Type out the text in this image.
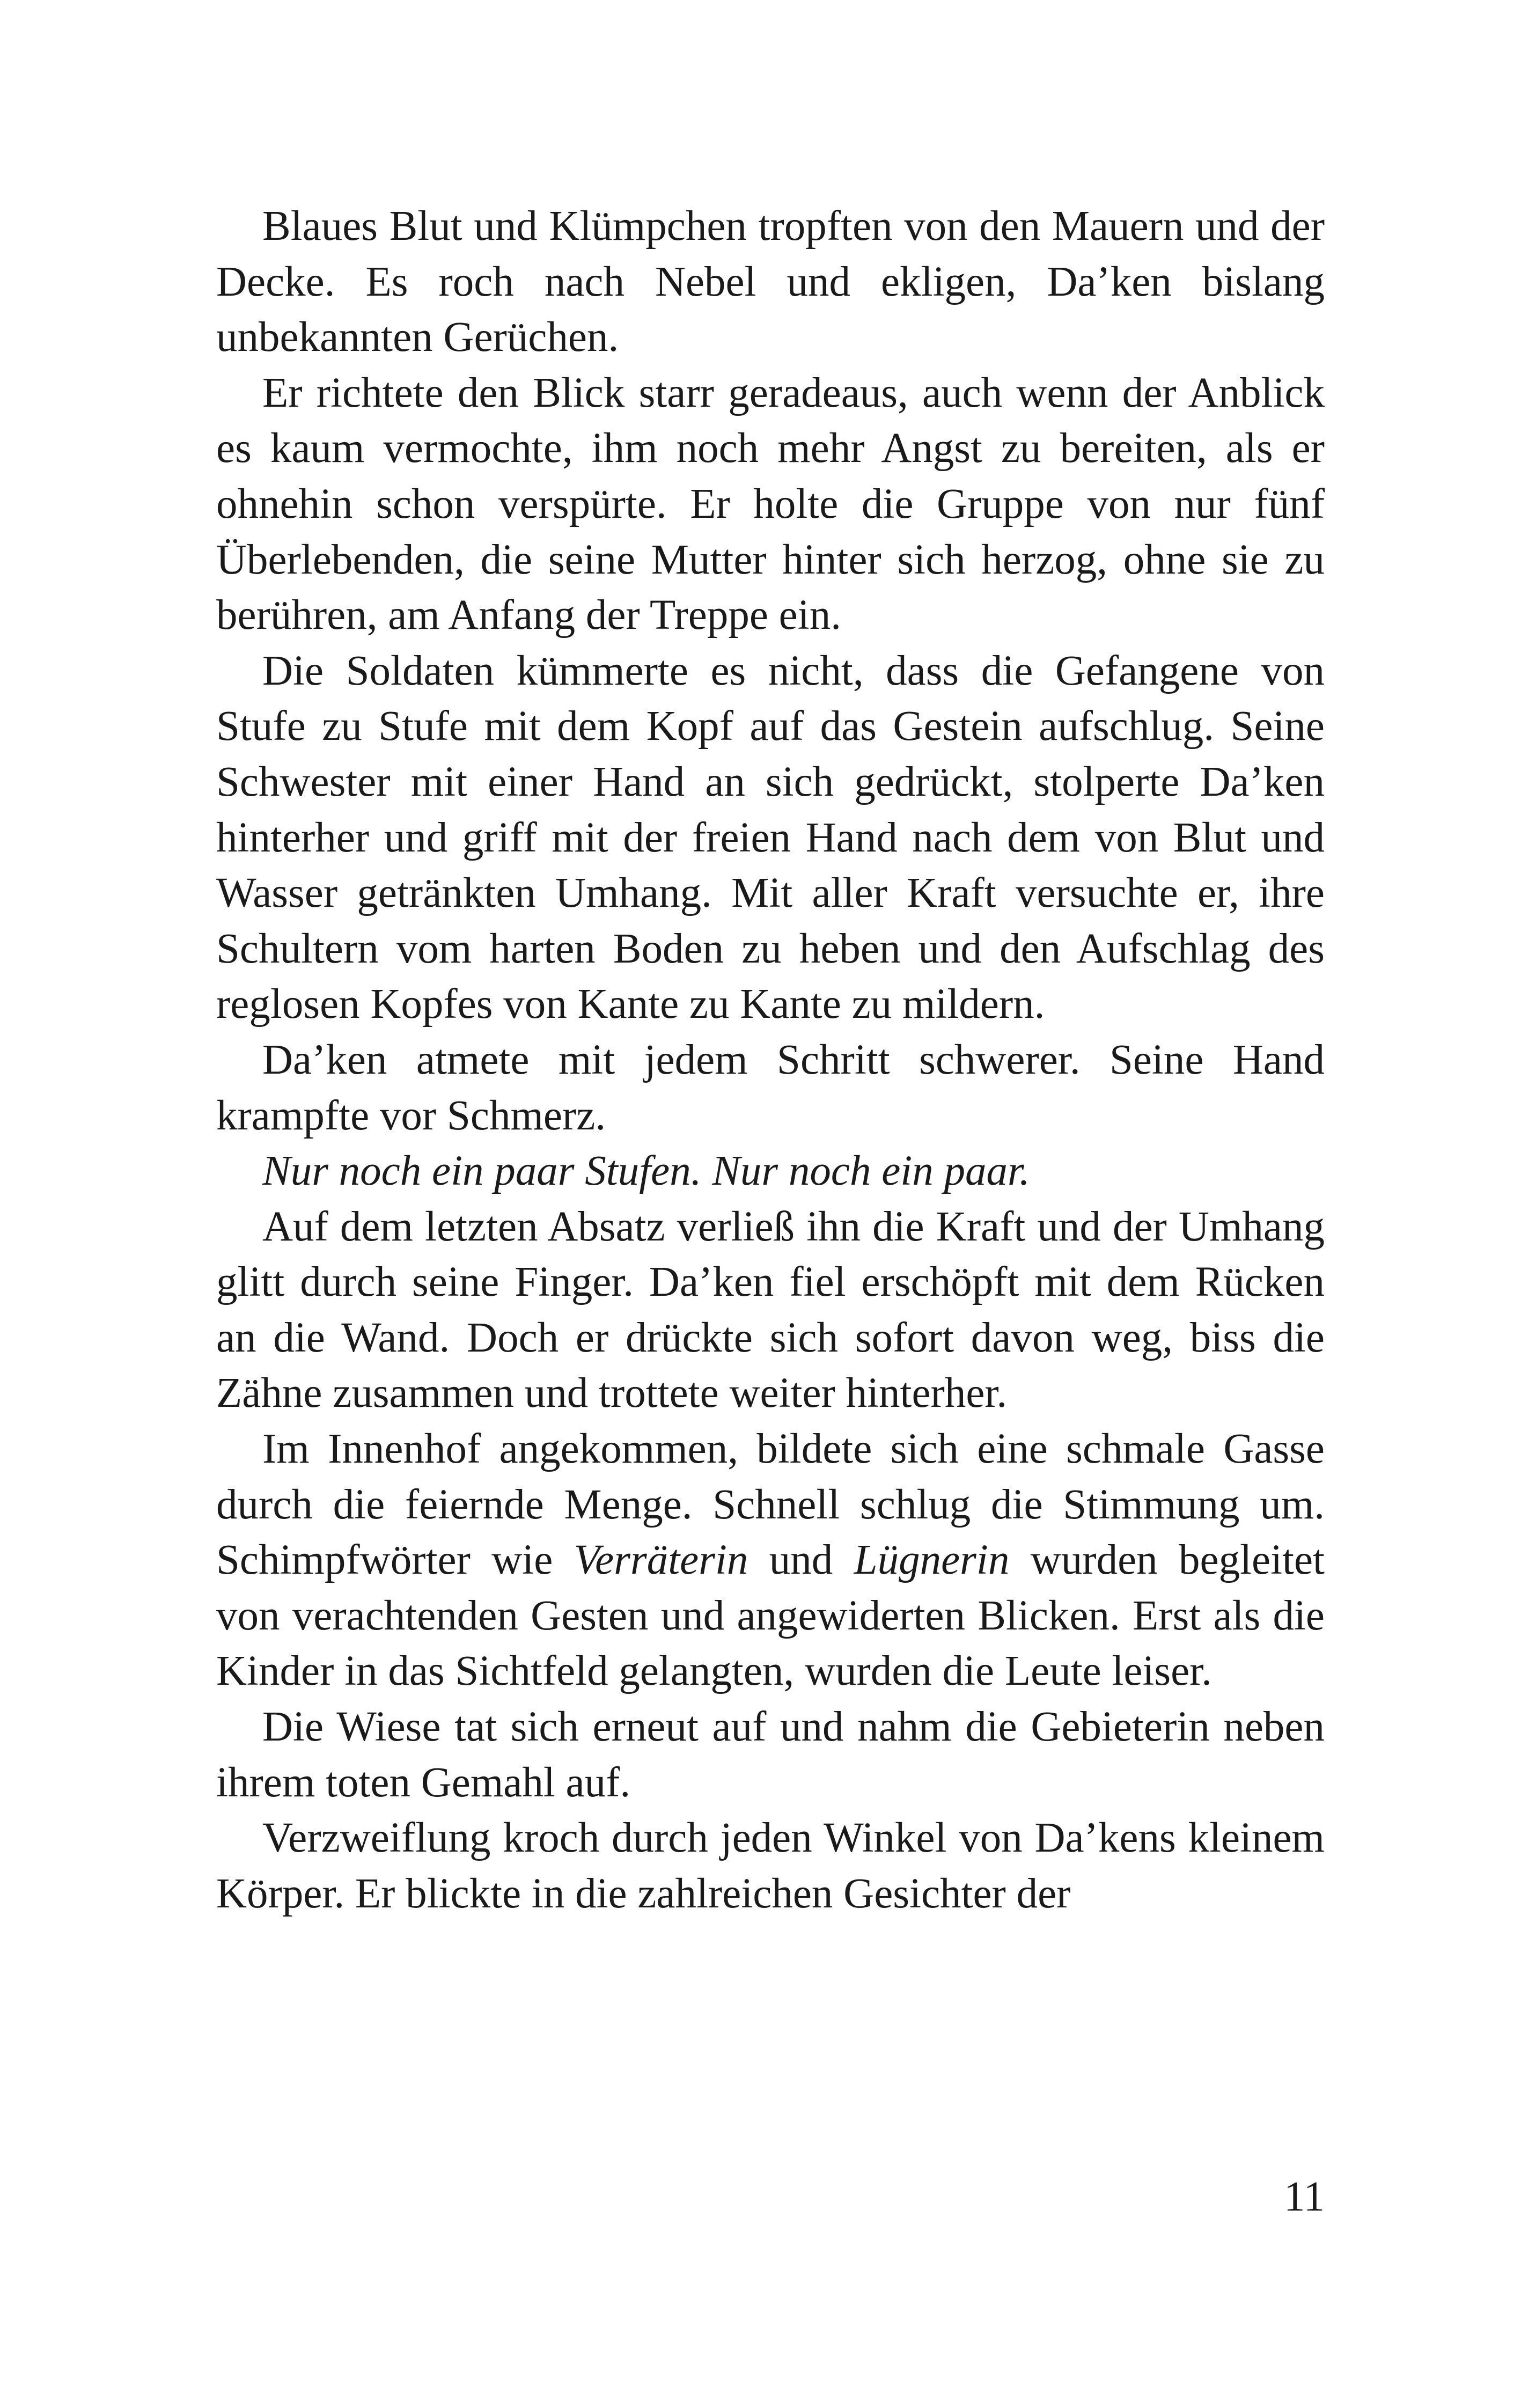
Blaues Blut und Klümpchen tropften von den Mauern und der Decke. Es roch nach Nebel und ekligen, Da’ken bislang unbekannten Gerüchen.

Er richtete den Blick starr geradeaus, auch wenn der Anblick es kaum vermochte, ihm noch mehr Angst zu bereiten, als er ohnehin schon verspürte. Er holte die Gruppe von nur fünf Überlebenden, die seine Mutter hinter sich herzog, ohne sie zu berühren, am Anfang der Treppe ein.

Die Soldaten kümmerte es nicht, dass die Gefangene von Stufe zu Stufe mit dem Kopf auf das Gestein aufschlug. Seine Schwester mit einer Hand an sich gedrückt, stolperte Da’ken hinterher und griff mit der freien Hand nach dem von Blut und Wasser getränkten Umhang. Mit aller Kraft versuchte er, ihre Schultern vom harten Boden zu heben und den Aufschlag des reglosen Kopfes von Kante zu Kante zu mildern.

Da’ken atmete mit jedem Schritt schwerer. Seine Hand krampfte vor Schmerz.

Nur noch ein paar Stufen. Nur noch ein paar.

Auf dem letzten Absatz verließ ihn die Kraft und der Umhang glitt durch seine Finger. Da’ken fiel erschöpft mit dem Rücken an die Wand. Doch er drückte sich sofort davon weg, biss die Zähne zusammen und trottete weiter hinterher.

Im Innenhof angekommen, bildete sich eine schmale Gasse durch die feiernde Menge. Schnell schlug die Stimmung um. Schimpfwörter wie Verräterin und Lügnerin wurden begleitet von verachtenden Gesten und angewiderten Blicken. Erst als die Kinder in das Sichtfeld gelangten, wurden die Leute leiser.

Die Wiese tat sich erneut auf und nahm die Gebieterin neben ihrem toten Gemahl auf.

Verzweiflung kroch durch jeden Winkel von Da’kens kleinem Körper. Er blickte in die zahlreichen Gesichter der

11
